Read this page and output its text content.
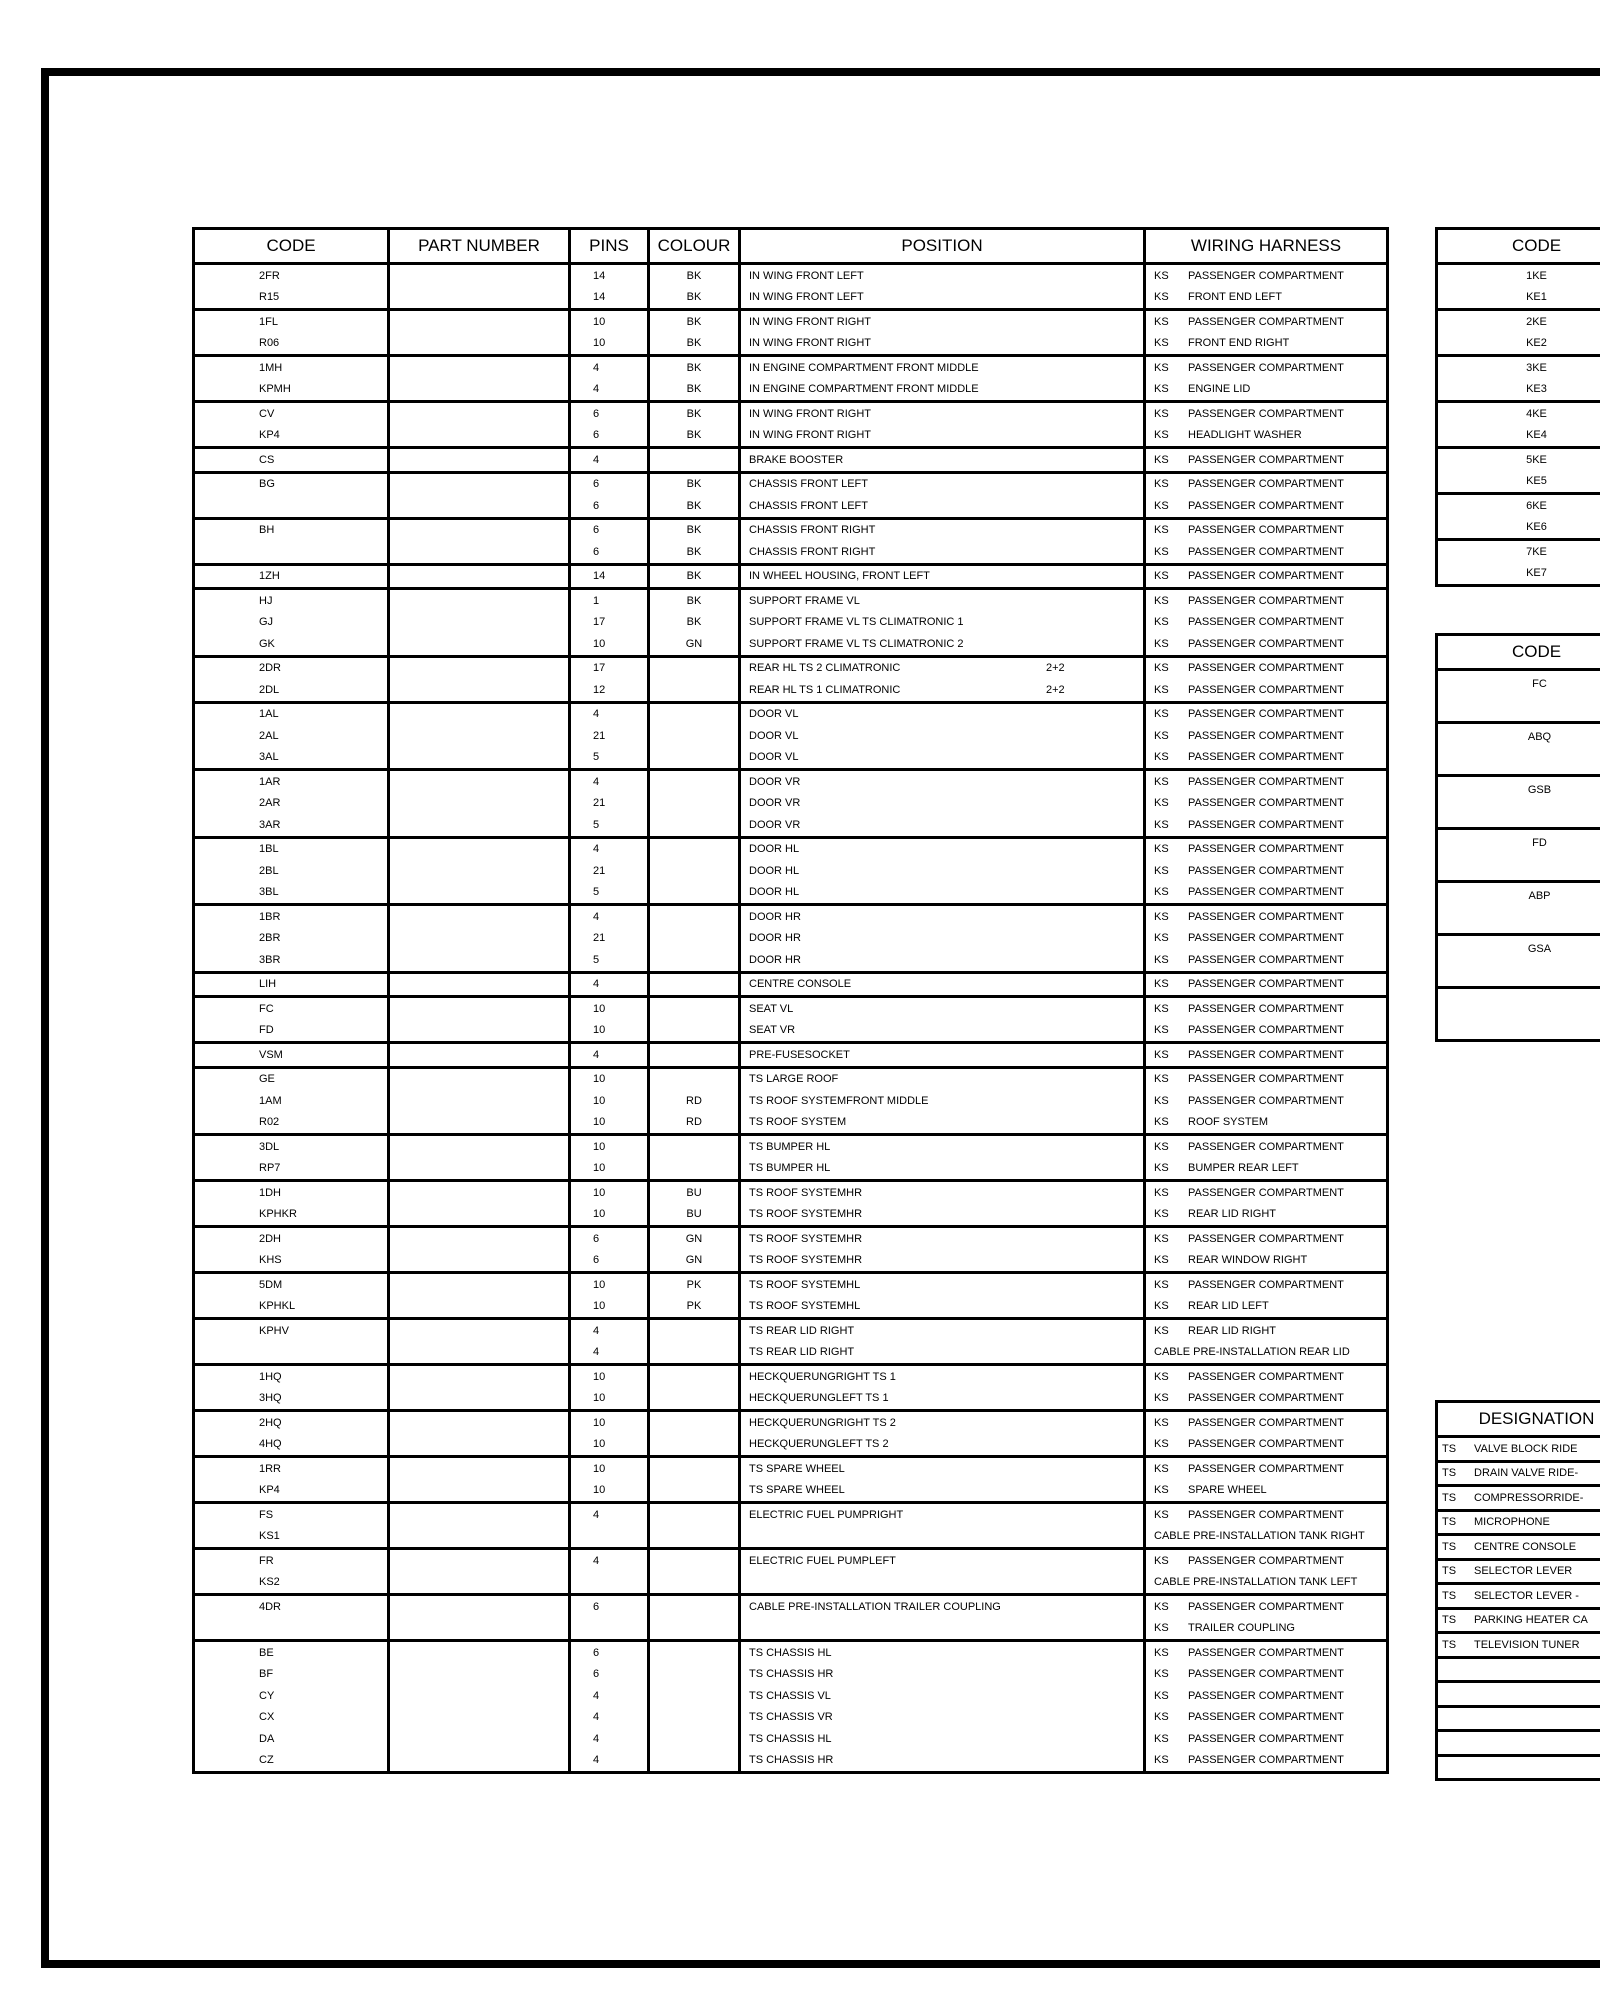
CODE	PART NUMBER	PINS	COLOUR	POSITION	WIRING HARNESS
2FR		14	BK	IN WING FRONT LEFT	KS PASSENGER COMPARTMENT
R15		14	BK	IN WING FRONT LEFT	KS FRONT END LEFT
1FL		10	BK	IN WING FRONT RIGHT	KS PASSENGER COMPARTMENT
R06		10	BK	IN WING FRONT RIGHT	KS FRONT END RIGHT
1MH		4	BK	IN ENGINE COMPARTMENT FRONT MIDDLE	KS PASSENGER COMPARTMENT
KPMH		4	BK	IN ENGINE COMPARTMENT FRONT MIDDLE	KS ENGINE LID
CV		6	BK	IN WING FRONT RIGHT	KS PASSENGER COMPARTMENT
KP4		6	BK	IN WING FRONT RIGHT	KS HEADLIGHT WASHER
CS		4		BRAKE BOOSTER	KS PASSENGER COMPARTMENT
BG		6	BK	CHASSIS FRONT LEFT	KS PASSENGER COMPARTMENT
		6	BK	CHASSIS FRONT LEFT	KS PASSENGER COMPARTMENT
BH		6	BK	CHASSIS FRONT RIGHT	KS PASSENGER COMPARTMENT
		6	BK	CHASSIS FRONT RIGHT	KS PASSENGER COMPARTMENT
1ZH		14	BK	IN WHEEL HOUSING, FRONT LEFT	KS PASSENGER COMPARTMENT
HJ		1	BK	SUPPORT FRAME VL	KS PASSENGER COMPARTMENT
GJ		17	BK	SUPPORT FRAME VL TS CLIMATRONIC 1	KS PASSENGER COMPARTMENT
GK		10	GN	SUPPORT FRAME VL TS CLIMATRONIC 2	KS PASSENGER COMPARTMENT
2DR		17		REAR HL TS 2 CLIMATRONIC 2+2	KS PASSENGER COMPARTMENT
2DL		12		REAR HL TS 1 CLIMATRONIC 2+2	KS PASSENGER COMPARTMENT
1AL		4		DOOR VL	KS PASSENGER COMPARTMENT
2AL		21		DOOR VL	KS PASSENGER COMPARTMENT
3AL		5		DOOR VL	KS PASSENGER COMPARTMENT
1AR		4		DOOR VR	KS PASSENGER COMPARTMENT
2AR		21		DOOR VR	KS PASSENGER COMPARTMENT
3AR		5		DOOR VR	KS PASSENGER COMPARTMENT
1BL		4		DOOR HL	KS PASSENGER COMPARTMENT
2BL		21		DOOR HL	KS PASSENGER COMPARTMENT
3BL		5		DOOR HL	KS PASSENGER COMPARTMENT
1BR		4		DOOR HR	KS PASSENGER COMPARTMENT
2BR		21		DOOR HR	KS PASSENGER COMPARTMENT
3BR		5		DOOR HR	KS PASSENGER COMPARTMENT
LIH		4		CENTRE CONSOLE	KS PASSENGER COMPARTMENT
FC		10		SEAT VL	KS PASSENGER COMPARTMENT
FD		10		SEAT VR	KS PASSENGER COMPARTMENT
VSM		4		PRE-FUSESOCKET	KS PASSENGER COMPARTMENT
GE		10		TS LARGE ROOF	KS PASSENGER COMPARTMENT
1AM		10	RD	TS ROOF SYSTEMFRONT MIDDLE	KS PASSENGER COMPARTMENT
R02		10	RD	TS ROOF SYSTEM	KS ROOF SYSTEM
3DL		10		TS BUMPER HL	KS PASSENGER COMPARTMENT
RP7		10		TS BUMPER HL	KS BUMPER REAR LEFT
1DH		10	BU	TS ROOF SYSTEMHR	KS PASSENGER COMPARTMENT
KPHKR		10	BU	TS ROOF SYSTEMHR	KS REAR LID RIGHT
2DH		6	GN	TS ROOF SYSTEMHR	KS PASSENGER COMPARTMENT
KHS		6	GN	TS ROOF SYSTEMHR	KS REAR WINDOW RIGHT
5DM		10	PK	TS ROOF SYSTEMHL	KS PASSENGER COMPARTMENT
KPHKL		10	PK	TS ROOF SYSTEMHL	KS REAR LID LEFT
KPHV		4		TS REAR LID RIGHT	KS REAR LID RIGHT
		4		TS REAR LID RIGHT	CABLE PRE-INSTALLATION REAR LID
1HQ		10		HECKQUERUNGRIGHT TS 1	KS PASSENGER COMPARTMENT
3HQ		10		HECKQUERUNGLEFT TS 1	KS PASSENGER COMPARTMENT
2HQ		10		HECKQUERUNGRIGHT TS 2	KS PASSENGER COMPARTMENT
4HQ		10		HECKQUERUNGLEFT TS 2	KS PASSENGER COMPARTMENT
1RR		10		TS SPARE WHEEL	KS PASSENGER COMPARTMENT
KP4		10		TS SPARE WHEEL	KS SPARE WHEEL
FS		4		ELECTRIC FUEL PUMPRIGHT	KS PASSENGER COMPARTMENT
KS1					CABLE PRE-INSTALLATION TANK RIGHT
FR		4		ELECTRIC FUEL PUMPLEFT	KS PASSENGER COMPARTMENT
KS2					CABLE PRE-INSTALLATION TANK LEFT
4DR		6		CABLE PRE-INSTALLATION TRAILER COUPLING	KS PASSENGER COMPARTMENT
					KS TRAILER COUPLING
BE		6		TS CHASSIS HL	KS PASSENGER COMPARTMENT
BF		6		TS CHASSIS HR	KS PASSENGER COMPARTMENT
CY		4		TS CHASSIS VL	KS PASSENGER COMPARTMENT
CX		4		TS CHASSIS VR	KS PASSENGER COMPARTMENT
DA		4		TS CHASSIS HL	KS PASSENGER COMPARTMENT
CZ		4		TS CHASSIS HR	KS PASSENGER COMPARTMENT
CODE
1KE
KE1
2KE
KE2
3KE
KE3
4KE
KE4
5KE
KE5
6KE
KE6
7KE
KE7
CODE
FC
ABQ
GSB
FD
ABP
GSA

DESIGNATION
TS VALVE BLOCK RIDE
TS DRAIN VALVE RIDE-
TS COMPRESSORRIDE-
TS MICROPHONE
TS CENTRE CONSOLE
TS SELECTOR LEVER
TS SELECTOR LEVER -
TS PARKING HEATER CA
TS TELEVISION TUNER
